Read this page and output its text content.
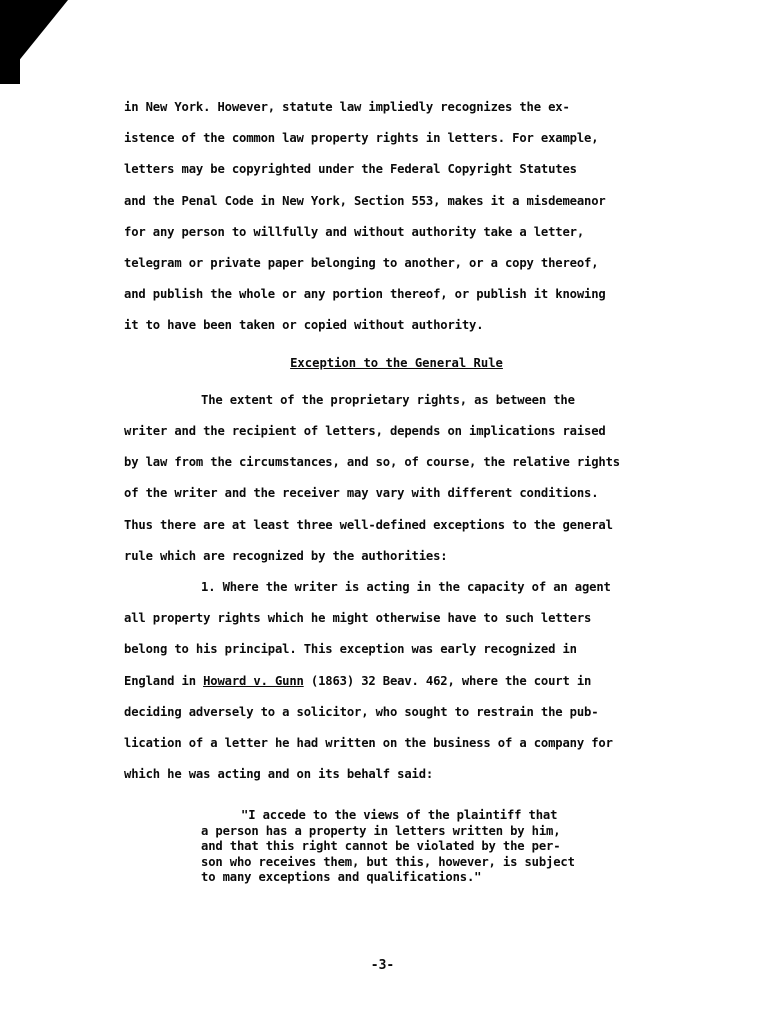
in New York. However, statute law impliedly recognizes the ex-
istence of the common law property rights in letters. For example,
letters may be copyrighted under the Federal Copyright Statutes
and the Penal Code in New York, Section 553, makes it a misdemeanor
for any person to willfully and without authority take a letter,
telegram or private paper belonging to another, or a copy thereof,
and publish the whole or any portion thereof, or publish it knowing
it to have been taken or copied without authority.
Exception to the General Rule
The extent of the proprietary rights, as between the
writer and the recipient of letters, depends on implications raised
by law from the circumstances, and so, of course, the relative rights
of the writer and the receiver may vary with different conditions.
Thus there are at least three well-defined exceptions to the general
rule which are recognized by the authorities:
1. Where the writer is acting in the capacity of an agent
all property rights which he might otherwise have to such letters
belong to his principal. This exception was early recognized in
England in Howard v. Gunn (1863) 32 Beav. 462, where the court in
deciding adversely to a solicitor, who sought to restrain the pub-
lication of a letter he had written on the business of a company for
which he was acting and on its behalf said:
"I accede to the views of the plaintiff that
a person has a property in letters written by him,
and that this right cannot be violated by the per-
son who receives them, but this, however, is subject
to many exceptions and qualifications."
-3-
